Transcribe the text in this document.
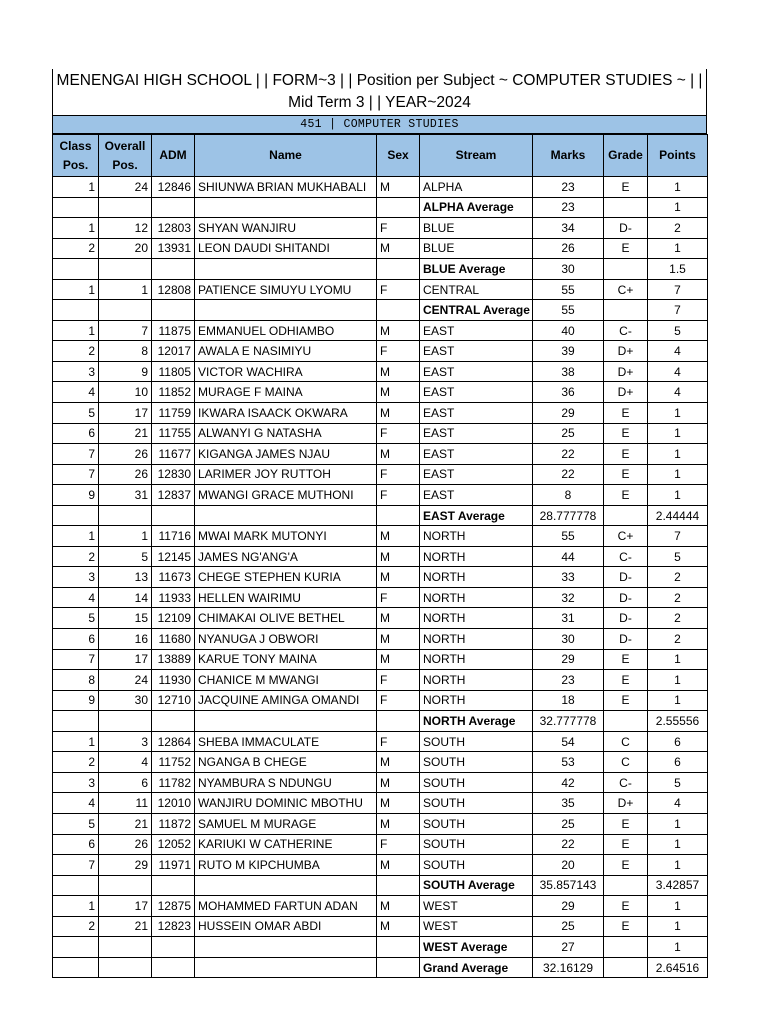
MENENGAI HIGH SCHOOL | | FORM~3 | | Position per Subject ~ COMPUTER STUDIES ~ | |
Mid Term 3 | | YEAR~2024
451 | COMPUTER STUDIES
Class Pos.	Overall Pos.	ADM	Name	Sex	Stream	Marks	Grade	Points
1	24	12846	SHIUNWA BRIAN MUKHABALI	M	ALPHA	23	E	1
					ALPHA Average	23		1
1	12	12803	SHYAN WANJIRU	F	BLUE	34	D-	2
2	20	13931	LEON DAUDI SHITANDI	M	BLUE	26	E	1
					BLUE Average	30		1.5
1	1	12808	PATIENCE SIMUYU LYOMU	F	CENTRAL	55	C+	7
					CENTRAL Average	55		7
1	7	11875	EMMANUEL ODHIAMBO	M	EAST	40	C-	5
2	8	12017	AWALA E NASIMIYU	F	EAST	39	D+	4
3	9	11805	VICTOR WACHIRA	M	EAST	38	D+	4
4	10	11852	MURAGE F MAINA	M	EAST	36	D+	4
5	17	11759	IKWARA ISAACK OKWARA	M	EAST	29	E	1
6	21	11755	ALWANYI G NATASHA	F	EAST	25	E	1
7	26	11677	KIGANGA JAMES NJAU	M	EAST	22	E	1
7	26	12830	LARIMER JOY RUTTOH	F	EAST	22	E	1
9	31	12837	MWANGI GRACE MUTHONI	F	EAST	8	E	1
					EAST Average	28.777778		2.44444
1	1	11716	MWAI MARK MUTONYI	M	NORTH	55	C+	7
2	5	12145	JAMES NG'ANG'A	M	NORTH	44	C-	5
3	13	11673	CHEGE STEPHEN KURIA	M	NORTH	33	D-	2
4	14	11933	HELLEN WAIRIMU	F	NORTH	32	D-	2
5	15	12109	CHIMAKAI OLIVE BETHEL	M	NORTH	31	D-	2
6	16	11680	NYANUGA J OBWORI	M	NORTH	30	D-	2
7	17	13889	KARUE TONY MAINA	M	NORTH	29	E	1
8	24	11930	CHANICE M MWANGI	F	NORTH	23	E	1
9	30	12710	JACQUINE AMINGA OMANDI	F	NORTH	18	E	1
					NORTH Average	32.777778		2.55556
1	3	12864	SHEBA IMMACULATE	F	SOUTH	54	C	6
2	4	11752	NGANGA B CHEGE	M	SOUTH	53	C	6
3	6	11782	NYAMBURA S NDUNGU	M	SOUTH	42	C-	5
4	11	12010	WANJIRU DOMINIC MBOTHU	M	SOUTH	35	D+	4
5	21	11872	SAMUEL M MURAGE	M	SOUTH	25	E	1
6	26	12052	KARIUKI W CATHERINE	F	SOUTH	22	E	1
7	29	11971	RUTO M KIPCHUMBA	M	SOUTH	20	E	1
					SOUTH Average	35.857143		3.42857
1	17	12875	MOHAMMED FARTUN ADAN	M	WEST	29	E	1
2	21	12823	HUSSEIN OMAR ABDI	M	WEST	25	E	1
					WEST Average	27		1
					Grand Average	32.16129		2.64516
